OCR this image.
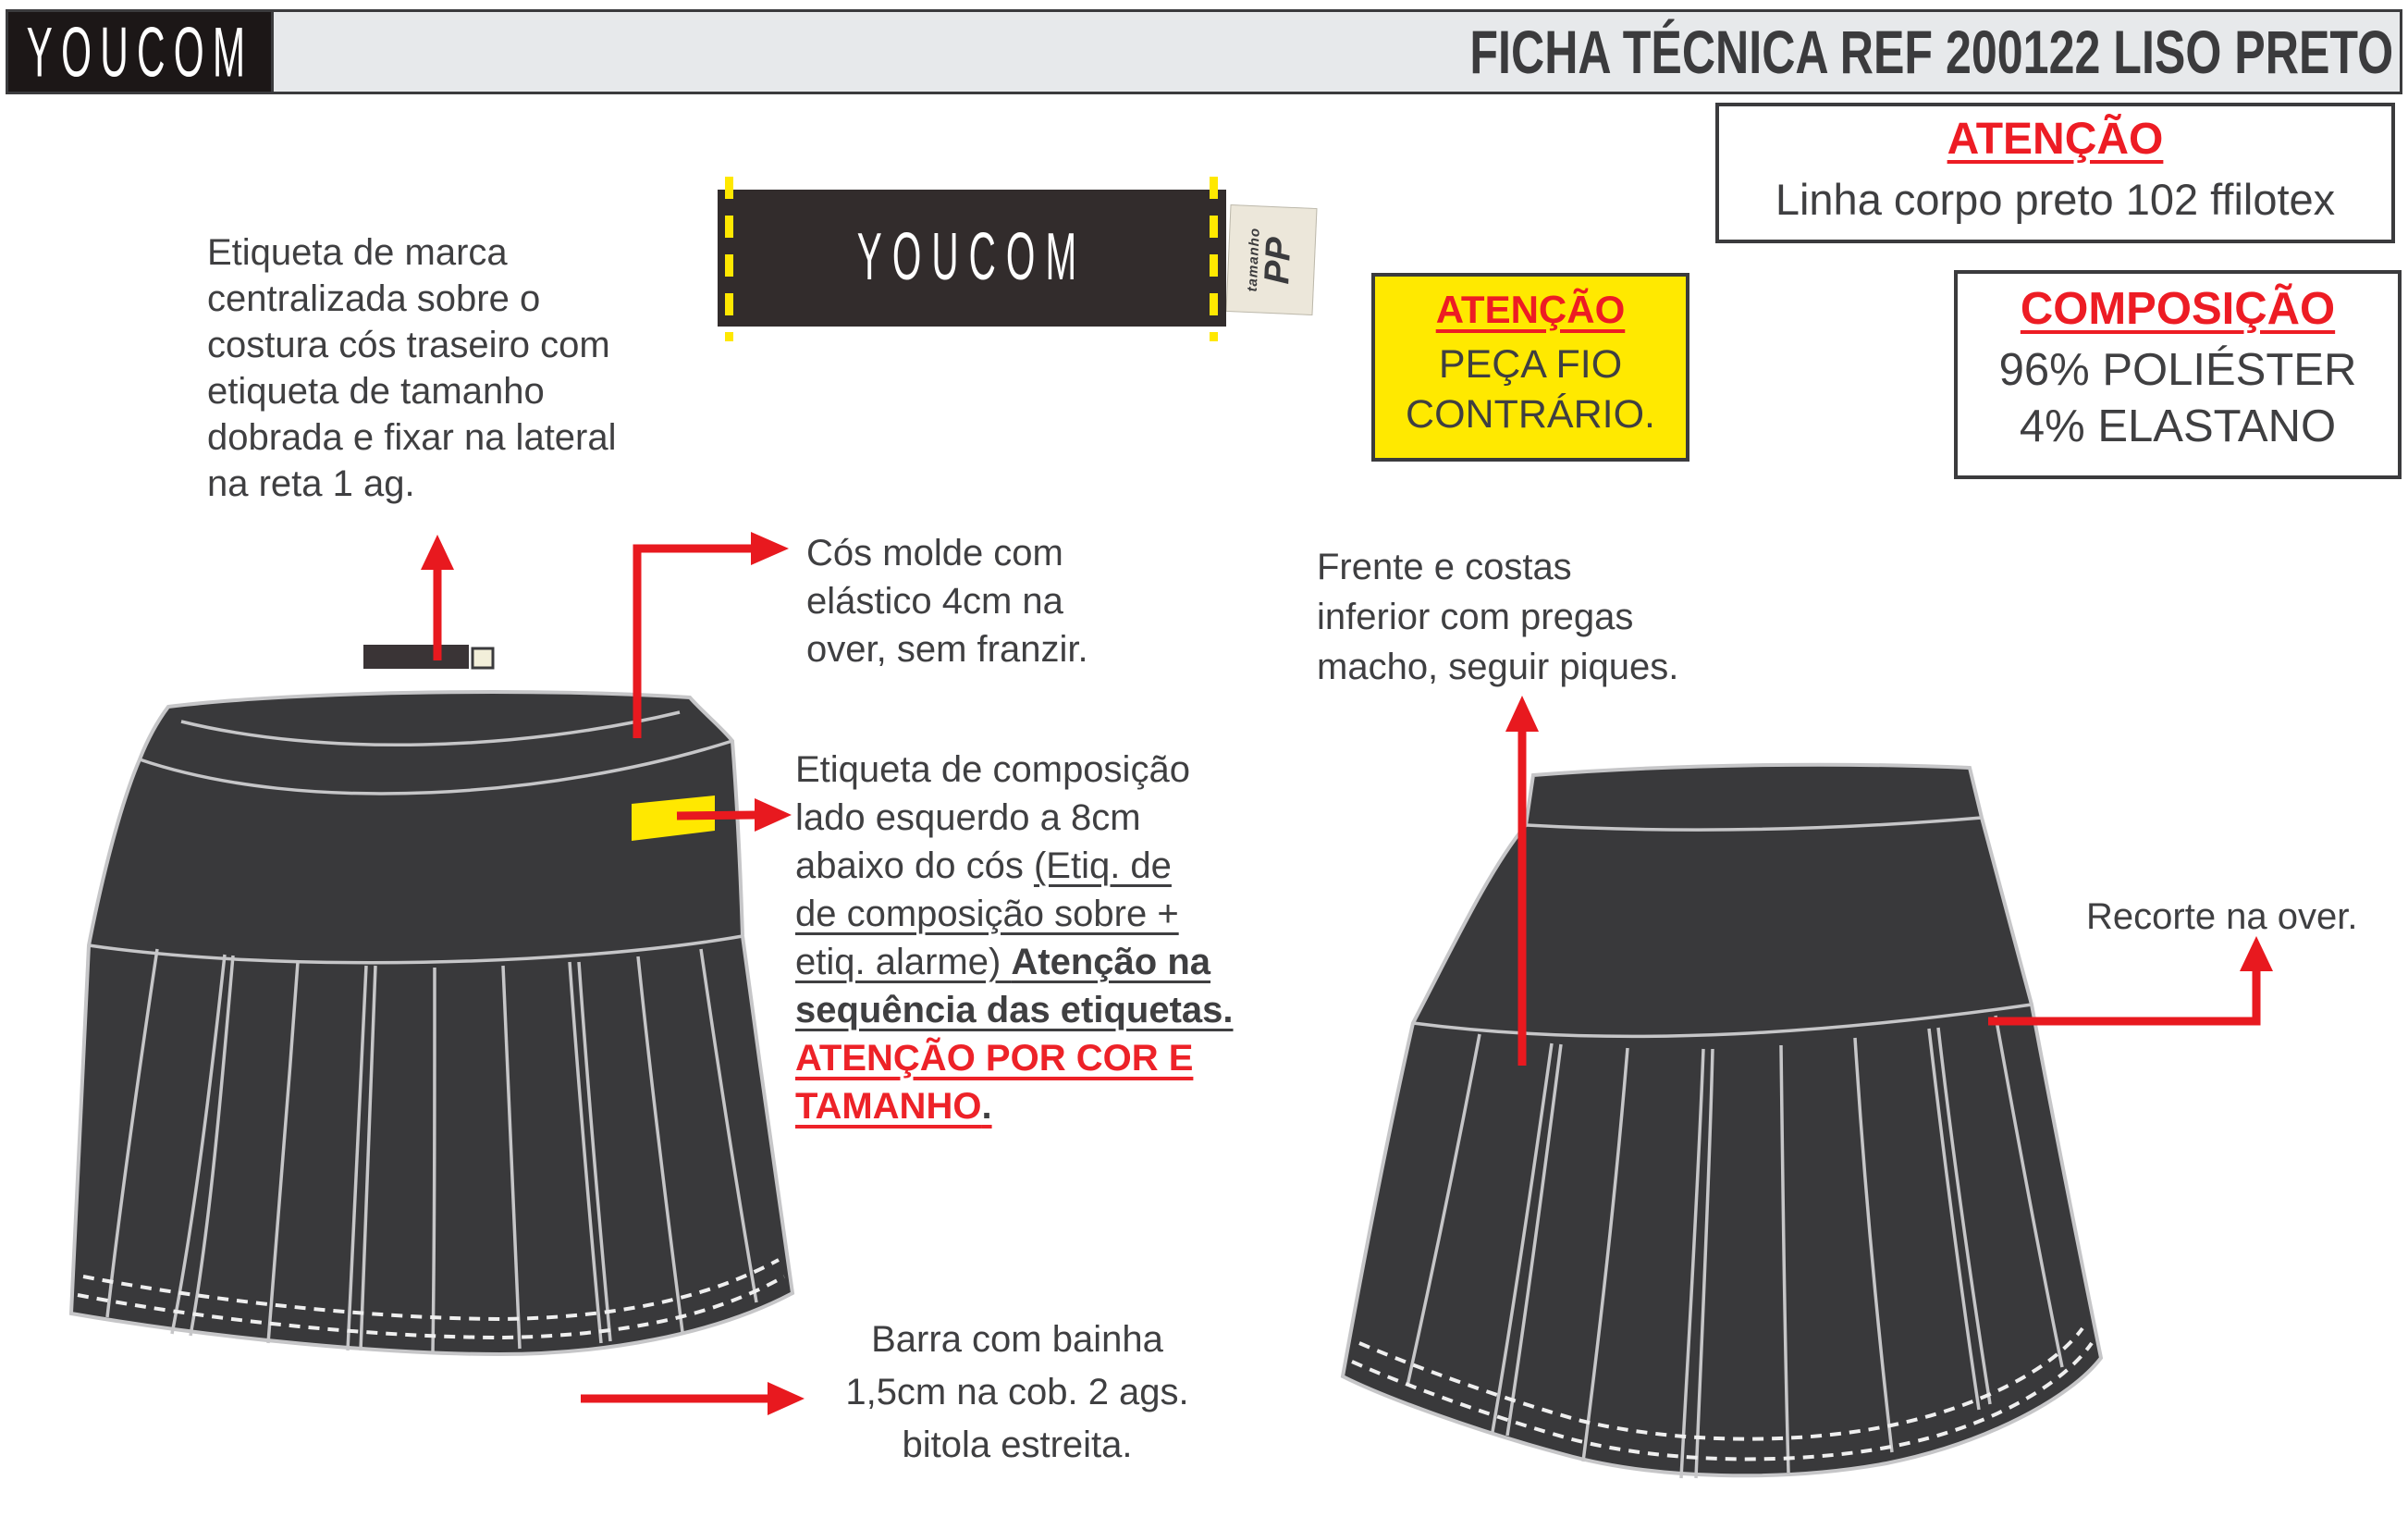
YOUCOM	FICHA TÉCNICA REF 200122 LISO PRETO
ATENÇÃO
Linha corpo preto 102 ffilotex
ATENÇÃO
PEÇA FIO
CONTRÁRIO.
COMPOSIÇÃO
96% POLIÉSTER
4% ELASTANO
tamanho
PP
YOUCOM
Etiqueta de marca
centralizada sobre o
costura cós traseiro com
etiqueta de tamanho
dobrada e fixar na lateral
na reta 1 ag.
Cós molde com
elástico 4cm na
over, sem franzir.
Etiqueta de composição
lado esquerdo a 8cm
abaixo do cós (Etiq. de
de composição sobre +
etiq. alarme) Atenção na
sequência das etiquetas.
ATENÇÃO POR COR E
TAMANHO.
Frente e costas
inferior com pregas
macho, seguir piques.
Recorte na over.
Barra com bainha
1,5cm na cob. 2 ags.
bitola estreita.
